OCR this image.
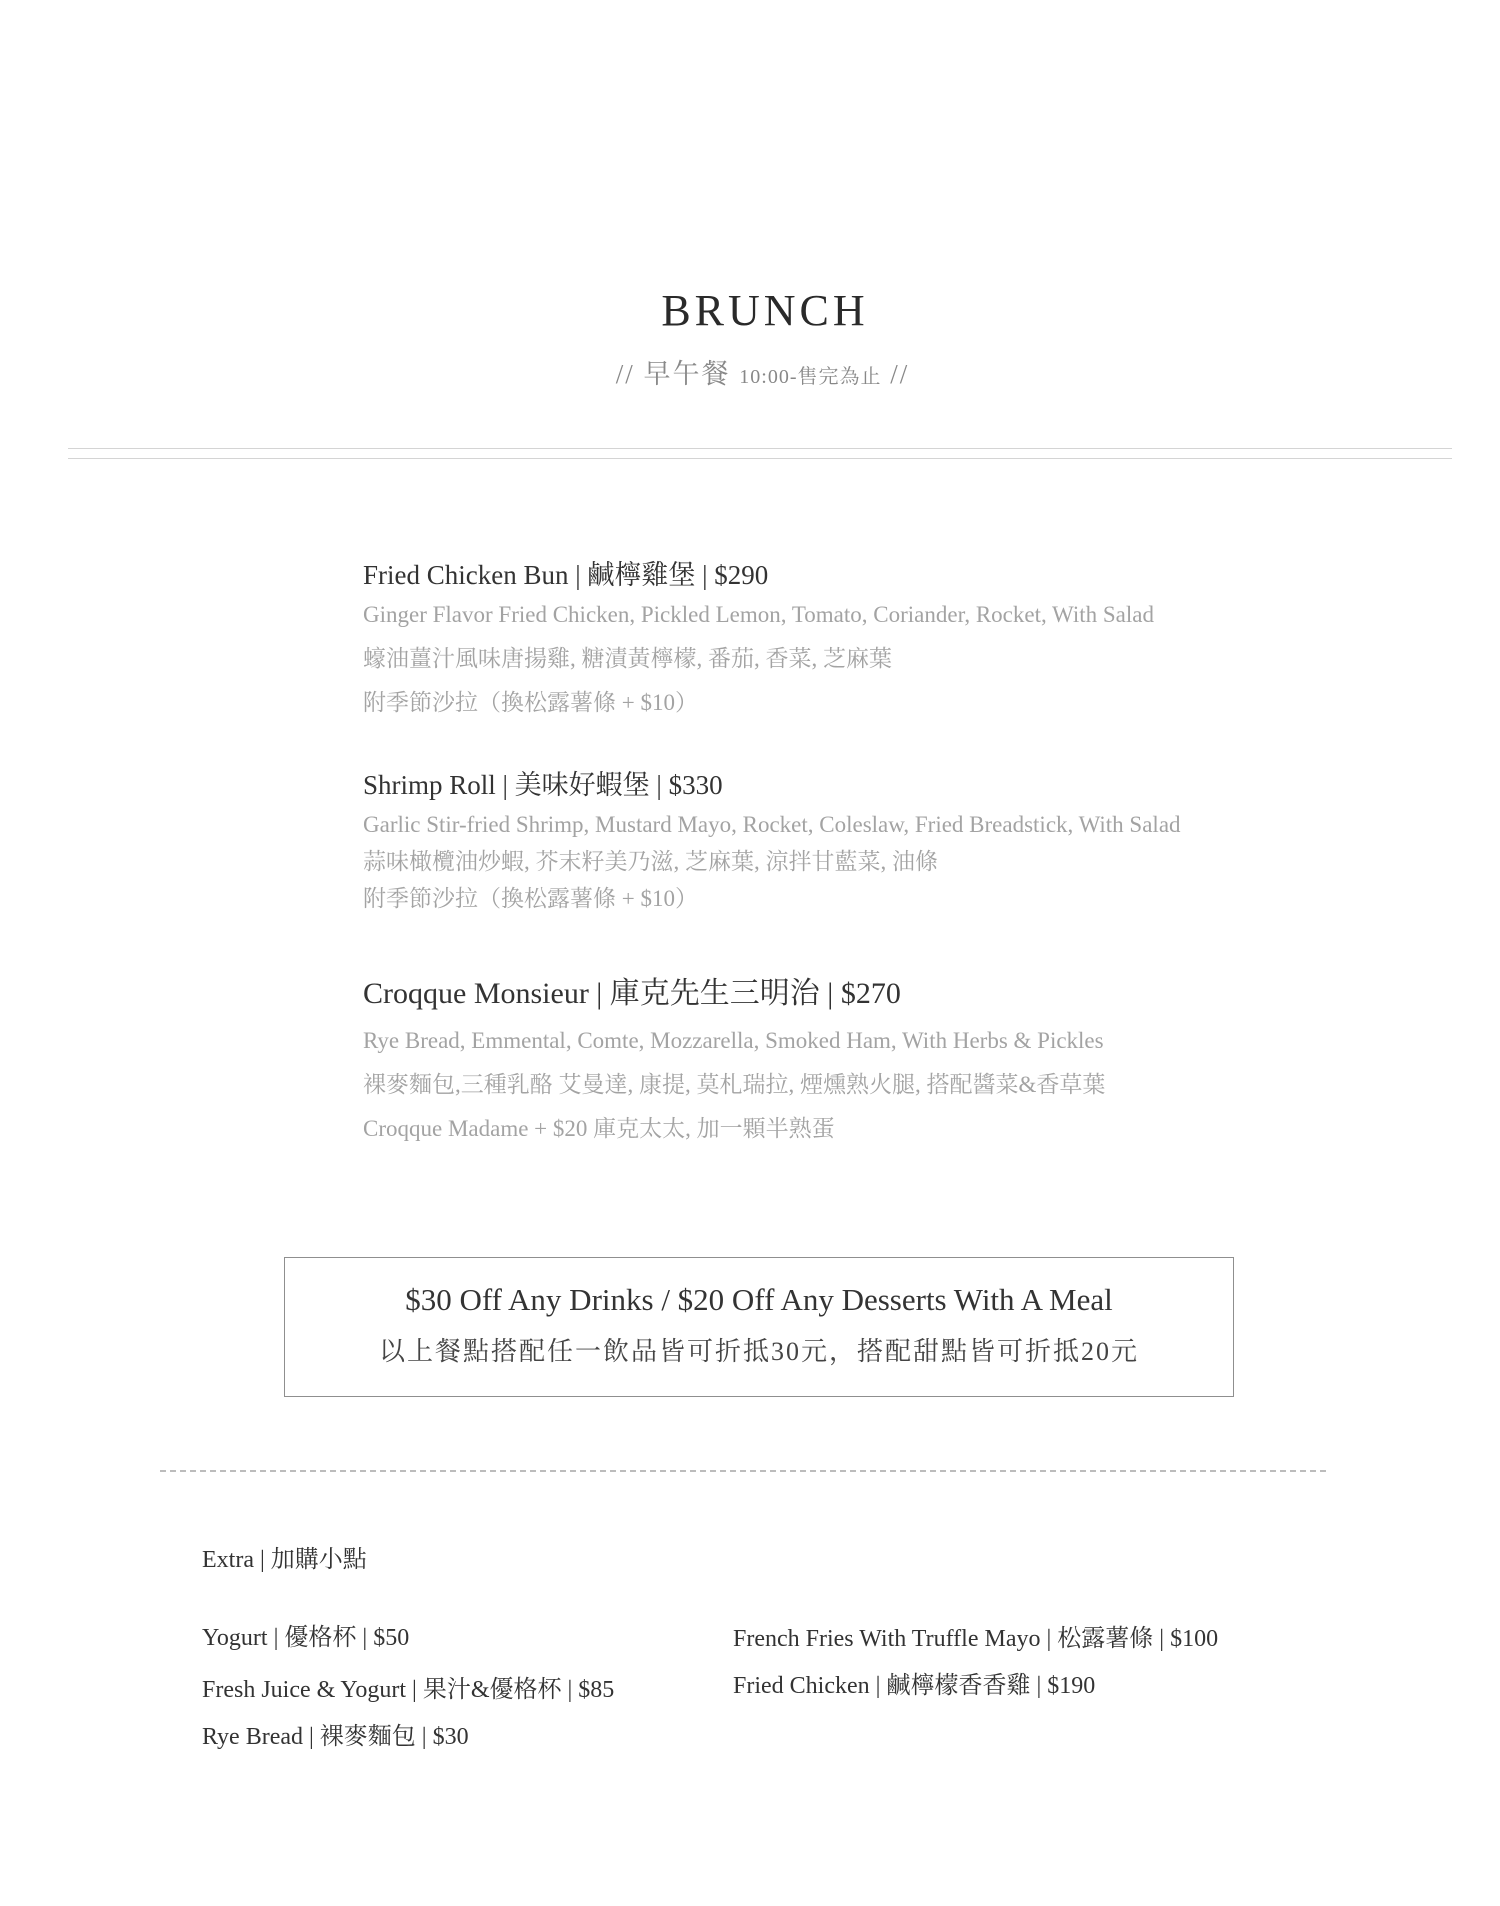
BRUNCH
// 早午餐 10:00-售完為止 //
Fried Chicken Bun | 鹹檸雞堡 | $290
Ginger Flavor Fried Chicken, Pickled Lemon, Tomato, Coriander, Rocket, With Salad
蠔油薑汁風味唐揚雞, 糖漬黃檸檬, 番茄, 香菜, 芝麻葉
附季節沙拉（換松露薯條 + $10）
Shrimp Roll | 美味好蝦堡 | $330
Garlic Stir-fried Shrimp, Mustard Mayo, Rocket, Coleslaw, Fried Breadstick, With Salad
蒜味橄欖油炒蝦, 芥末籽美乃滋, 芝麻葉, 涼拌甘藍菜, 油條
附季節沙拉（換松露薯條 + $10）
Croqque Monsieur | 庫克先生三明治 | $270
Rye Bread, Emmental, Comte, Mozzarella, Smoked Ham, With Herbs & Pickles
裸麥麵包,三種乳酪 艾曼達, 康提, 莫札瑞拉, 煙燻熟火腿, 搭配醬菜&香草葉
Croqque Madame + $20 庫克太太, 加一顆半熟蛋
$30 Off Any Drinks / $20 Off Any Desserts With A Meal
以上餐點搭配任一飲品皆可折抵30元，搭配甜點皆可折抵20元
Extra | 加購小點
Yogurt | 優格杯 | $50
Fresh Juice & Yogurt | 果汁&優格杯 | $85
Rye Bread | 裸麥麵包 | $30
French Fries With Truffle Mayo | 松露薯條 | $100
Fried Chicken | 鹹檸檬香香雞 | $190
